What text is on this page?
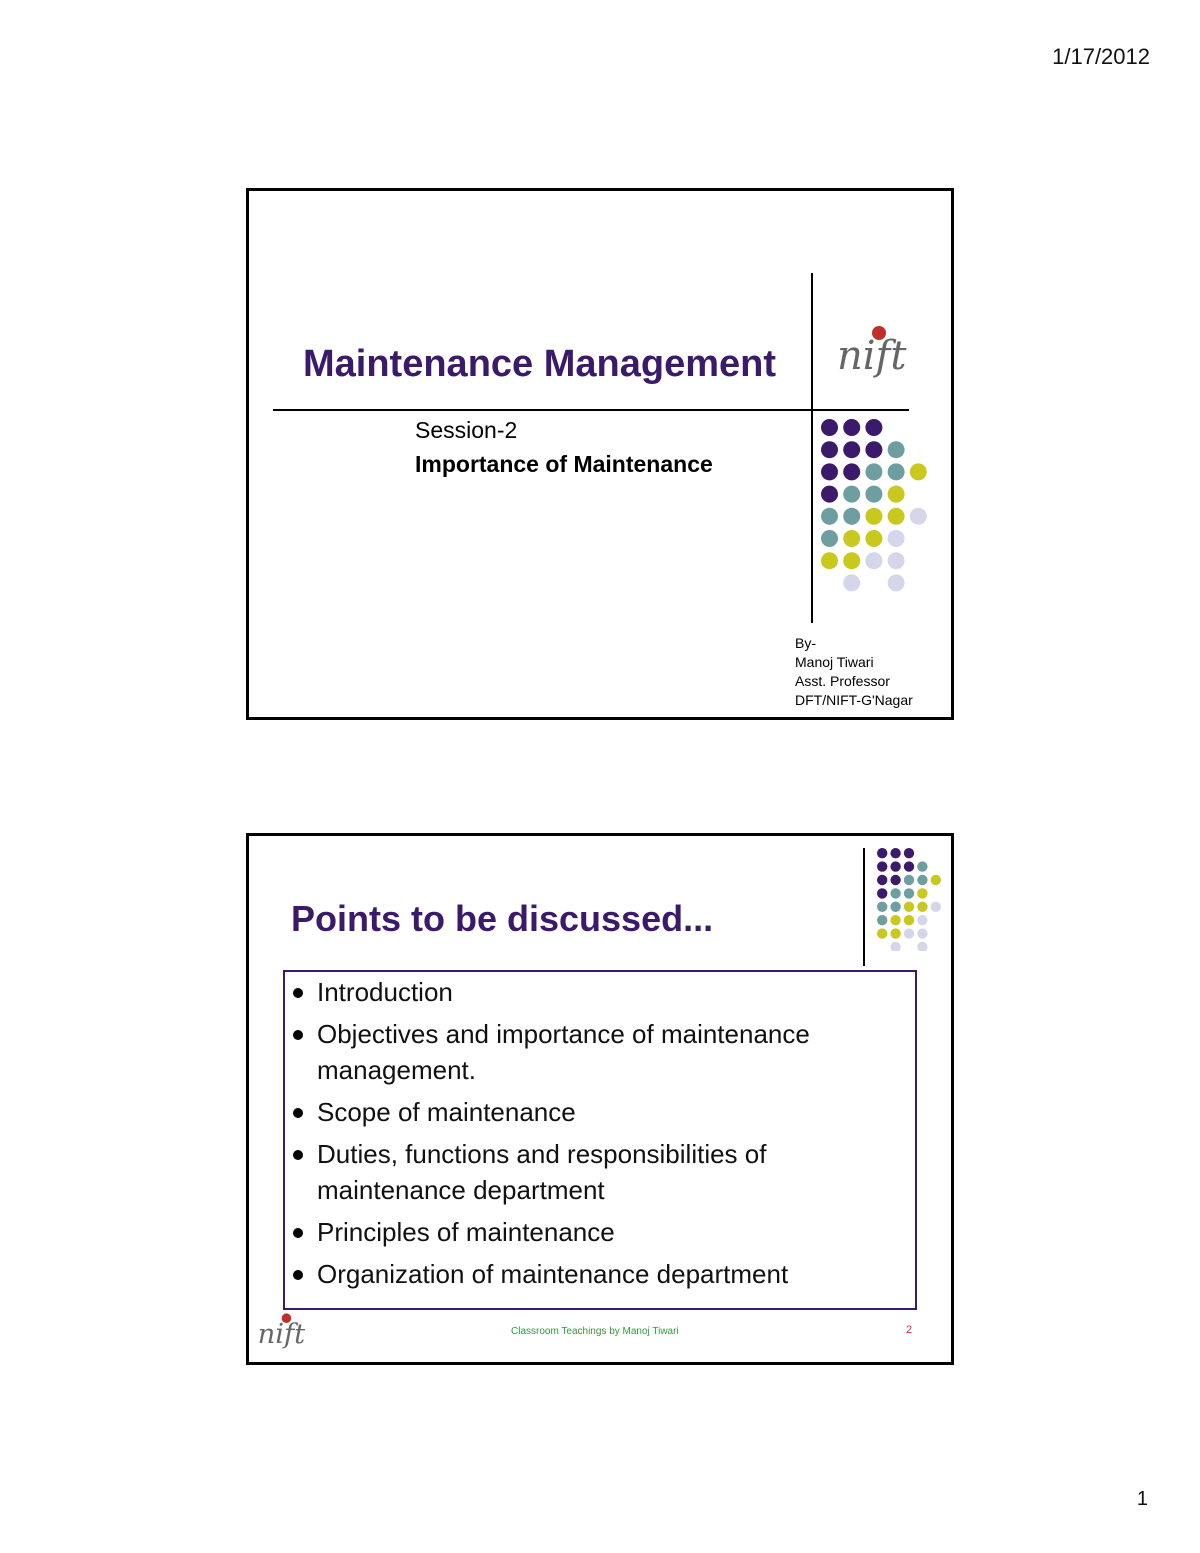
1/17/2012
nift
Maintenance Management
Session-2
Importance of Maintenance
By-
Manoj Tiwari
Asst. Professor
DFT/NIFT-G'Nagar
Points to be discussed...
Introduction
Objectives and importance of maintenance management.
Scope of maintenance
Duties, functions and responsibilities of maintenance department
Principles of maintenance
Organization of maintenance department
nift	Classroom Teachings by Manoj Tiwari	2
1
